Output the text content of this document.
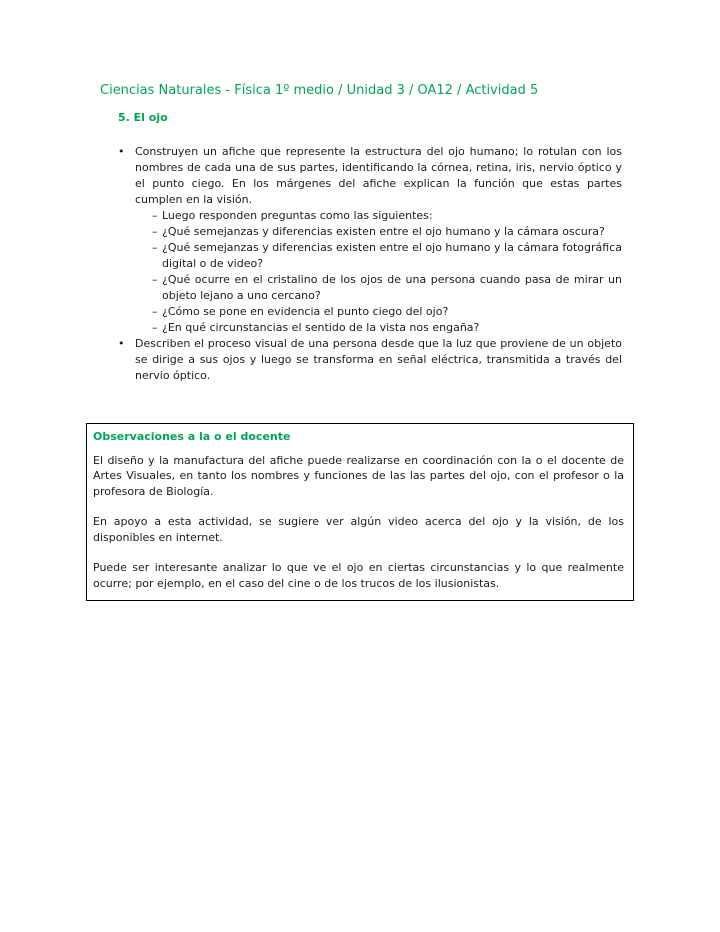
Ciencias Naturales - Física 1º medio / Unidad 3 / OA12 / Actividad 5
5. El ojo
• Construyen un afiche que represente la estructura del ojo humano; lo rotulan con los nombres de cada una de sus partes, identificando la córnea, retina, iris, nervio óptico y el punto ciego. En los márgenes del afiche explican la función que estas partes cumplen en la visión.
– Luego responden preguntas como las siguientes:
– ¿Qué semejanzas y diferencias existen entre el ojo humano y la cámara oscura?
– ¿Qué semejanzas y diferencias existen entre el ojo humano y la cámara fotográfica digital o de video?
– ¿Qué ocurre en el cristalino de los ojos de una persona cuando pasa de mirar un objeto lejano a uno cercano?
– ¿Cómo se pone en evidencia el punto ciego del ojo?
– ¿En qué circunstancias el sentido de la vista nos engaña?
• Describen el proceso visual de una persona desde que la luz que proviene de un objeto se dirige a sus ojos y luego se transforma en señal eléctrica, transmitida a través del nervio óptico.
Observaciones a la o el docente

El diseño y la manufactura del afiche puede realizarse en coordinación con la o el docente de Artes Visuales, en tanto los nombres y funciones de las las partes del ojo, con el profesor o la profesora de Biología.

En apoyo a esta actividad, se sugiere ver algún video acerca del ojo y la visión, de los disponibles en internet.

Puede ser interesante analizar lo que ve el ojo en ciertas circunstancias y lo que realmente ocurre; por ejemplo, en el caso del cine o de los trucos de los ilusionistas.
